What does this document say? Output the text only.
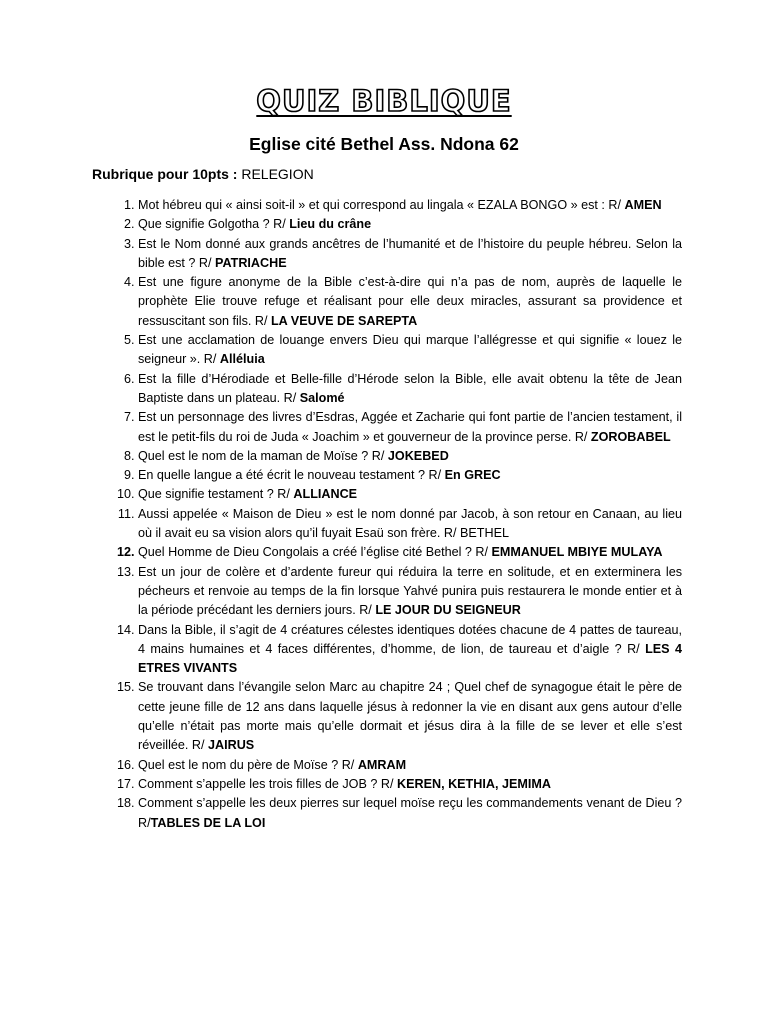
QUIZ BIBLIQUE
Eglise cité Bethel Ass. Ndona 62
Rubrique pour 10pts : RELEGION
1. Mot hébreu qui « ainsi soit-il » et qui correspond au lingala « EZALA BONGO » est : R/ AMEN
2. Que signifie Golgotha ? R/ Lieu du crâne
3. Est le Nom donné aux grands ancêtres de l’humanité et de l’histoire du peuple hébreu. Selon la bible est ? R/ PATRIACHE
4. Est une figure anonyme de la Bible c’est-à-dire qui n’a pas de nom, auprès de laquelle le prophète Elie trouve refuge et réalisant pour elle deux miracles, assurant sa providence et ressuscitant son fils. R/ LA VEUVE DE SAREPTA
5. Est une acclamation de louange envers Dieu qui marque l’allégresse et qui signifie « louez le seigneur ». R/ Alléluia
6. Est la fille d’Hérodiade et Belle-fille d’Hérode selon la Bible, elle avait obtenu la tête de Jean Baptiste dans un plateau. R/ Salomé
7. Est un personnage des livres d’Esdras, Aggée et Zacharie qui font partie de l’ancien testament, il est le petit-fils du roi de Juda « Joachim » et gouverneur de la province perse. R/ ZOROBABEL
8. Quel est le nom de la maman de Moïse ? R/ JOKEBED
9. En quelle langue a été écrit le nouveau testament ? R/ En GREC
10. Que signifie testament ? R/ ALLIANCE
11. Aussi appelée « Maison de Dieu » est le nom donné par Jacob, à son retour en Canaan, au lieu où il avait eu sa vision alors qu’il fuyait Esaü son frère. R/ BETHEL
12. Quel Homme de Dieu Congolais a créé l’église cité Bethel ? R/ EMMANUEL MBIYE MULAYA
13. Est un jour de colère et d’ardente fureur qui réduira la terre en solitude, et en exterminera les pécheurs et renvoie au temps de la fin lorsque Yahvé punira puis restaurera le monde entier et à la période précédant les derniers jours. R/ LE JOUR DU SEIGNEUR
14. Dans la Bible, il s’agit de 4 créatures célestes identiques dotées chacune de 4 pattes de taureau, 4 mains humaines et 4 faces différentes, d’homme, de lion, de taureau et d’aigle ? R/ LES 4 ETRES VIVANTS
15. Se trouvant dans l’évangile selon Marc au chapitre 24 ; Quel chef de synagogue était le père de cette jeune fille de 12 ans dans laquelle jésus à redonner la vie en disant aux gens autour d’elle qu’elle n’était pas morte mais qu’elle dormait et jésus dira à la fille de se lever et elle s’est réveillée. R/ JAIRUS
16. Quel est le nom du père de Moïse ? R/ AMRAM
17. Comment s’appelle les trois filles de JOB ? R/ KEREN, KETHIA, JEMIMA
18. Comment s’appelle les deux pierres sur lequel moïse reçu les commandements venant de Dieu ? R/TABLES DE LA LOI
